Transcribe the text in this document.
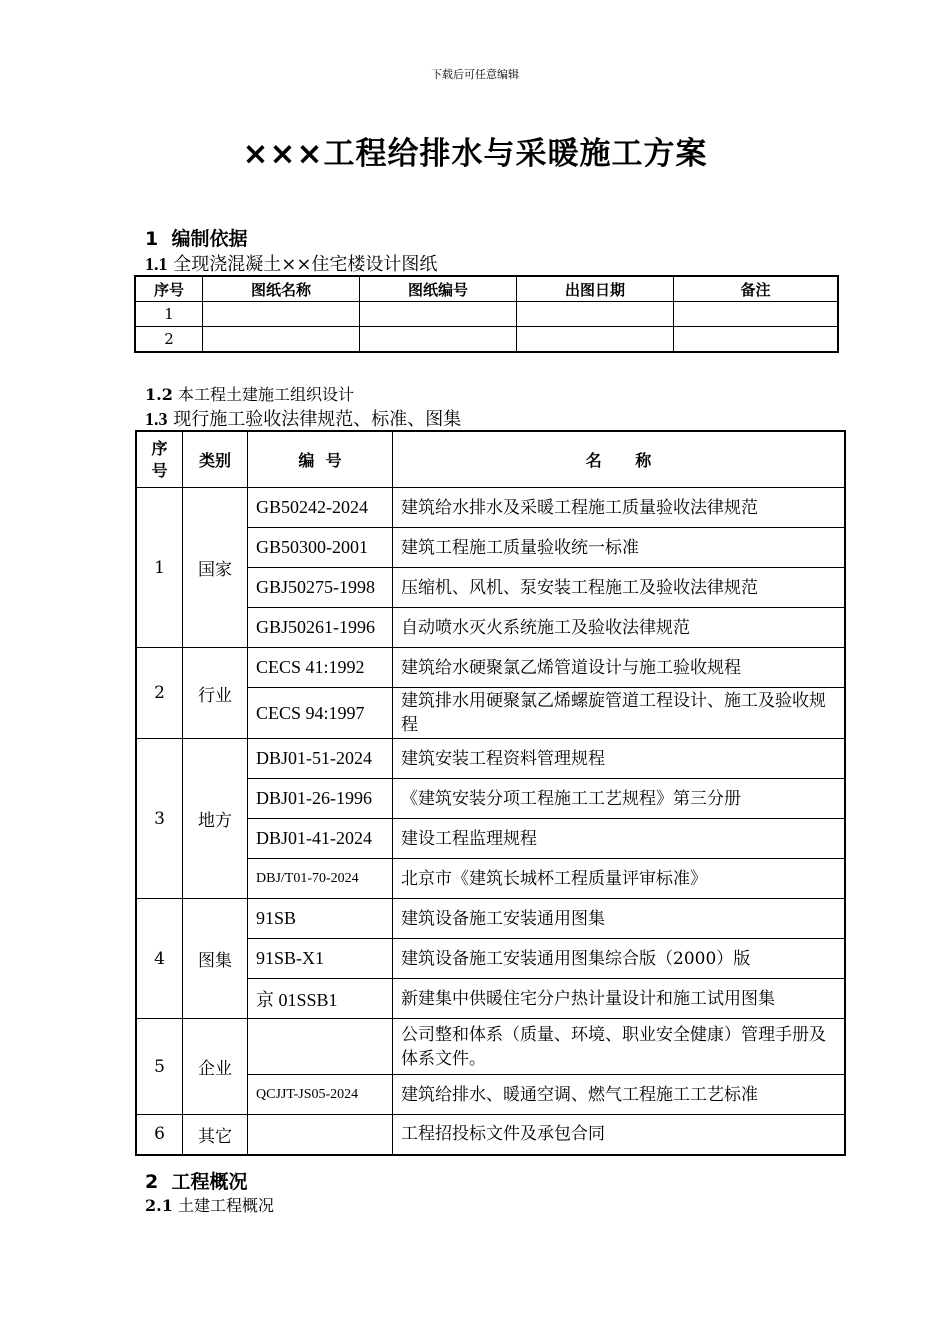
下载后可任意编辑
×××工程给排水与采暖施工方案
1 编制依据
1.1 全现浇混凝土××住宅楼设计图纸
序号	图纸名称	图纸编号	出图日期	备注
1				
2				
1.2 本工程土建施工组织设计
1.3 现行施工验收法律规范、标准、图集
序
号	类别	编  号	名      称
1	国家	GB50242-2024	建筑给水排水及采暖工程施工质量验收法律规范
		GB50300-2001	建筑工程施工质量验收统一标准
		GBJ50275-1998	压缩机、风机、泵安装工程施工及验收法律规范
		GBJ50261-1996	自动喷水灭火系统施工及验收法律规范
2	行业	CECS 41:1992	建筑给水硬聚氯乙烯管道设计与施工验收规程
		CECS 94:1997	建筑排水用硬聚氯乙烯螺旋管道工程设计、施工及验收规程
3	地方	DBJ01-51-2024	建筑安装工程资料管理规程
		DBJ01-26-1996	《建筑安装分项工程施工工艺规程》第三分册
		DBJ01-41-2024	建设工程监理规程
		DBJ/T01-70-2024	北京市《建筑长城杯工程质量评审标准》
4	图集	91SB	建筑设备施工安装通用图集
		91SB-X1	建筑设备施工安装通用图集综合版（2000）版
		京 01SSB1	新建集中供暖住宅分户热计量设计和施工试用图集
5	企业		公司整和体系（质量、环境、职业安全健康）管理手册及体系文件。
		QCJJT-JS05-2024	建筑给排水、暖通空调、燃气工程施工工艺标准
6	其它		工程招投标文件及承包合同
2 工程概况
2.1 土建工程概况
